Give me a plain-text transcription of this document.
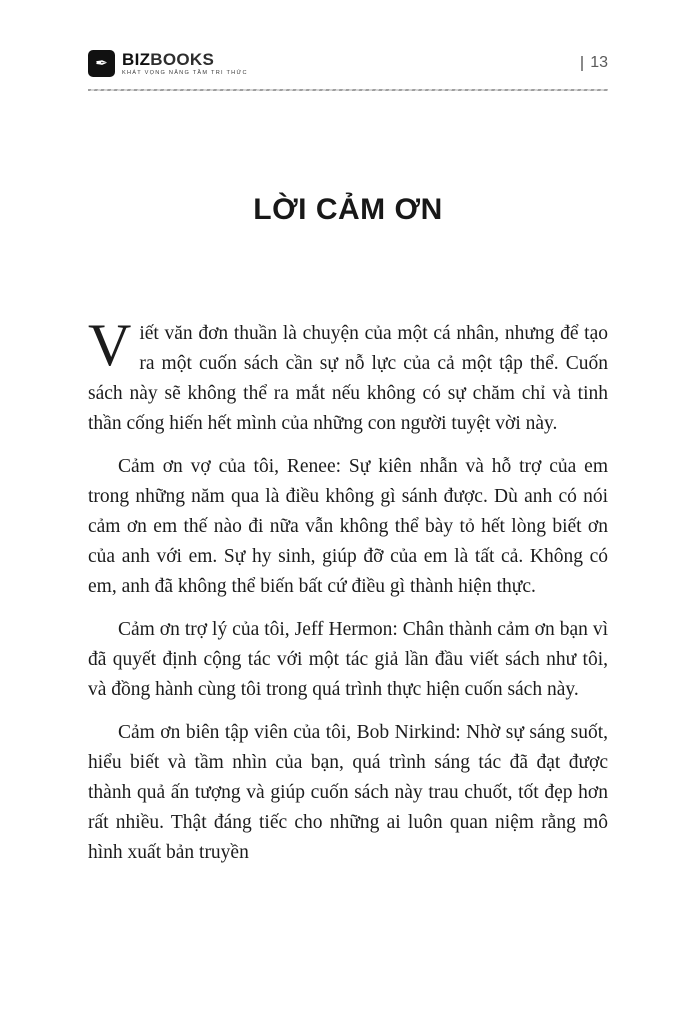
✒ BIZBOOKS
KHÁT VỌNG NÂNG TẦM TRI THỨC
13
LỜI CẢM ƠN

Viết văn đơn thuần là chuyện của một cá nhân, nhưng để tạo ra một cuốn sách cần sự nỗ lực của cả một tập thể. Cuốn sách này sẽ không thể ra mắt nếu không có sự chăm chỉ và tinh thần cống hiến hết mình của những con người tuyệt vời này.

Cảm ơn vợ của tôi, Renee: Sự kiên nhẫn và hỗ trợ của em trong những năm qua là điều không gì sánh được. Dù anh có nói cảm ơn em thế nào đi nữa vẫn không thể bày tỏ hết lòng biết ơn của anh với em. Sự hy sinh, giúp đỡ của em là tất cả. Không có em, anh đã không thể biến bất cứ điều gì thành hiện thực.

Cảm ơn trợ lý của tôi, Jeff Hermon: Chân thành cảm ơn bạn vì đã quyết định cộng tác với một tác giả lần đầu viết sách như tôi, và đồng hành cùng tôi trong quá trình thực hiện cuốn sách này.

Cảm ơn biên tập viên của tôi, Bob Nirkind: Nhờ sự sáng suốt, hiểu biết và tầm nhìn của bạn, quá trình sáng tác đã đạt được thành quả ấn tượng và giúp cuốn sách này trau chuốt, tốt đẹp hơn rất nhiều. Thật đáng tiếc cho những ai luôn quan niệm rằng mô hình xuất bản truyền
